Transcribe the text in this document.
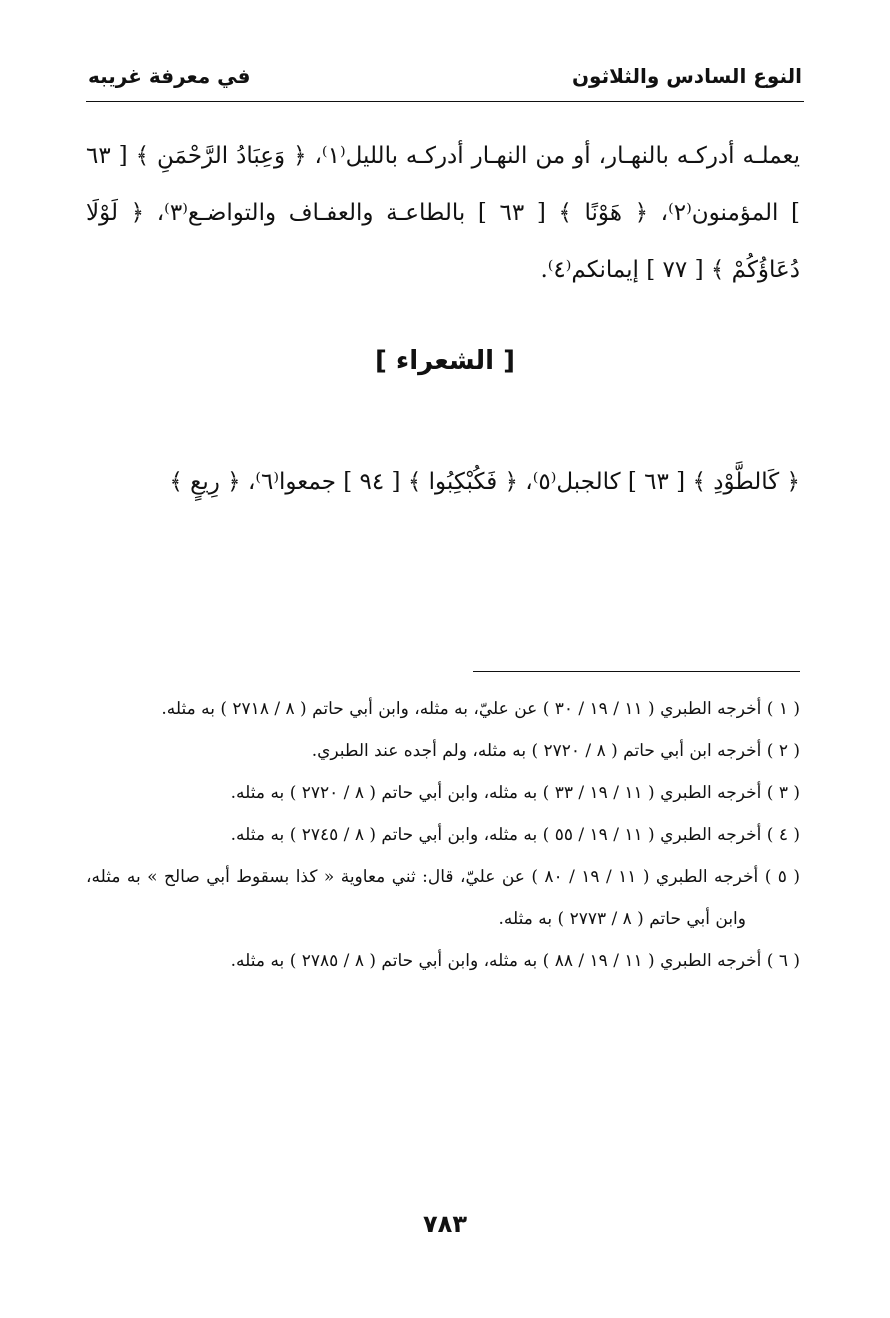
النوع السادس والثلاثون
في معرفة غريبه

يعملـه أدركـه بالنهـار، أو من النهـار أدركـه بالليل⁽١⁾، ﴿ وَعِبَادُ الرَّحْمَنِ ﴾ [ ٦٣ ] المؤمنون⁽٢⁾، ﴿ هَوْنًا ﴾ [ ٦٣ ] بالطاعـة والعفـاف والتواضـع⁽٣⁾، ﴿ لَوْلَا دُعَاؤُكُمْ ﴾ [ ٧٧ ] إيمانكم⁽٤⁾.

[ الشعراء ]
﴿ كَالطَّوْدِ ﴾ [ ٦٣ ] كالجبل⁽٥⁾، ﴿ فَكُبْكِبُوا ﴾ [ ٩٤ ] جمعوا⁽٦⁾، ﴿ رِيعٍ ﴾

( ١ ) أخرجه الطبري ( ١١ / ١٩ / ٣٠ ) عن عليّ، به مثله، وابن أبي حاتم ( ٨ / ٢٧١٨ ) به مثله.

( ٢ ) أخرجه ابن أبي حاتم ( ٨ / ٢٧٢٠ ) به مثله، ولم أجده عند الطبري.

( ٣ ) أخرجه الطبري ( ١١ / ١٩ / ٣٣ ) به مثله، وابن أبي حاتم ( ٨ / ٢٧٢٠ ) به مثله.

( ٤ ) أخرجه الطبري ( ١١ / ١٩ / ٥٥ ) به مثله، وابن أبي حاتم ( ٨ / ٢٧٤٥ ) به مثله.

( ٥ ) أخرجه الطبري ( ١١ / ١٩ / ٨٠ ) عن عليّ، قال: ثني معاوية « كذا بسقوط أبي صالح » به مثله، وابن أبي حاتم ( ٨ / ٢٧٧٣ ) به مثله.

( ٦ ) أخرجه الطبري ( ١١ / ١٩ / ٨٨ ) به مثله، وابن أبي حاتم ( ٨ / ٢٧٨٥ ) به مثله.

٧٨٣
